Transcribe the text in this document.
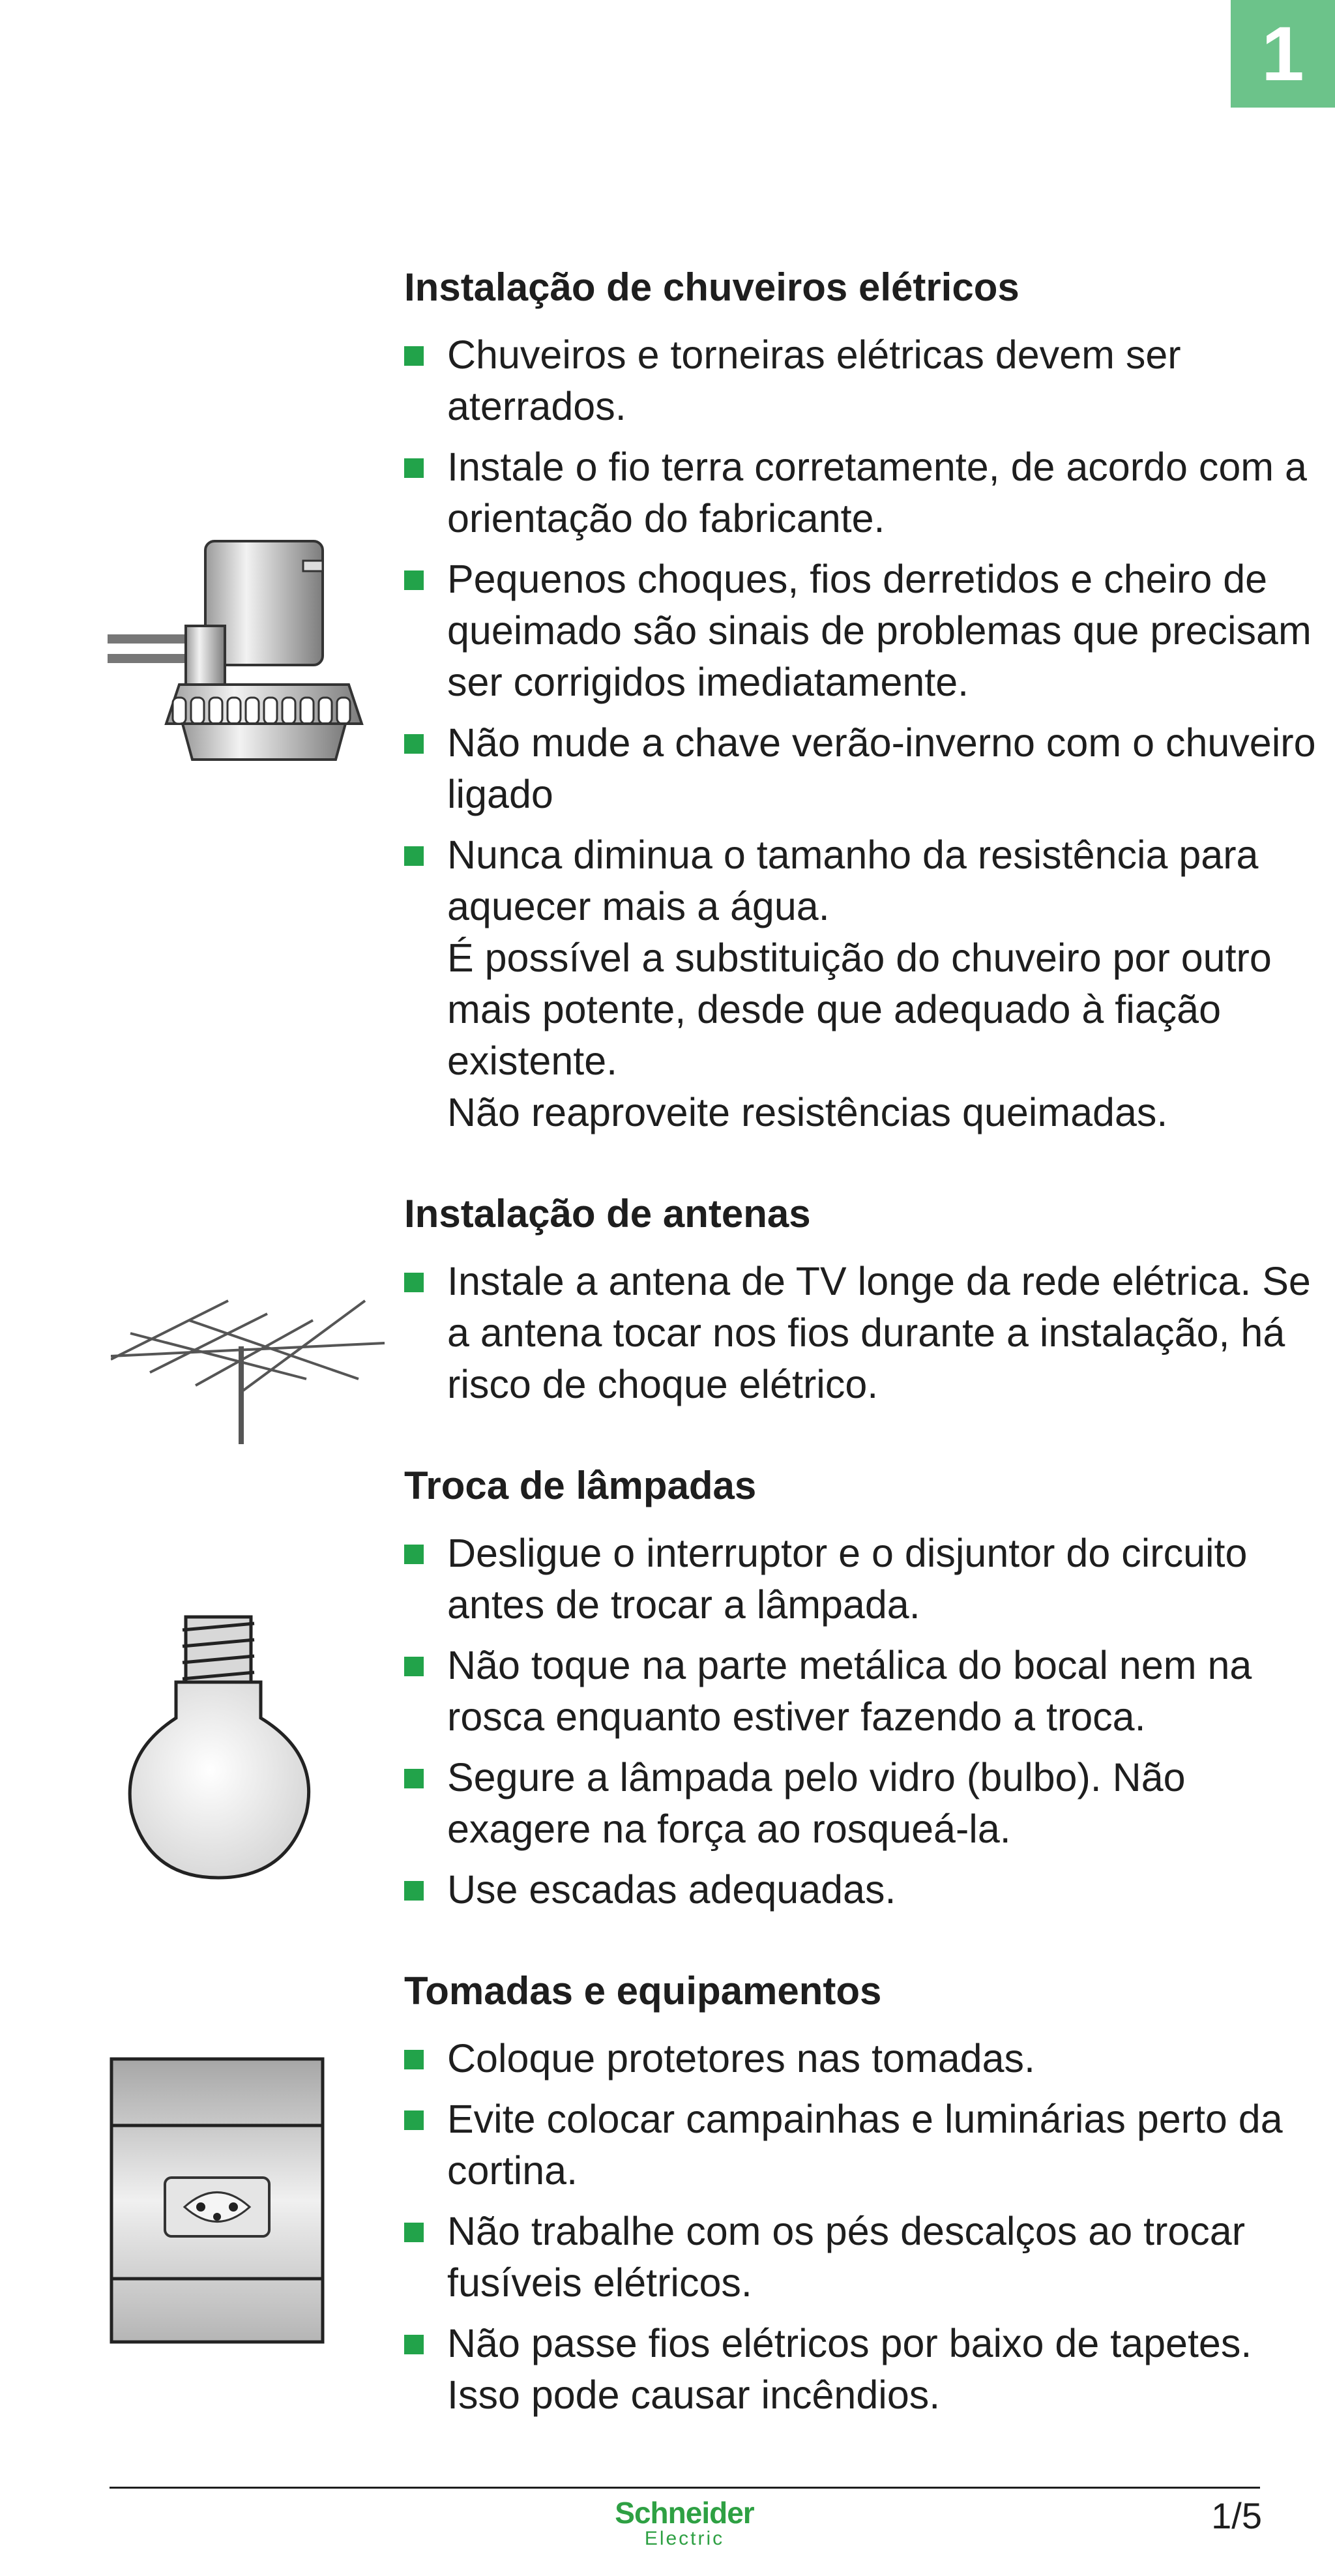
1
Instalação de chuveiros elétricos

Chuveiros e torneiras elétricas devem ser aterrados.

Instale o fio terra corretamente, de acordo com a orientação do fabricante.

Pequenos choques, fios derretidos e cheiro de queimado são sinais de problemas que precisam ser corrigidos imediatamente.

Não mude a chave verão-inverno com o chuveiro ligado

Nunca diminua o tamanho da resistência para aquecer mais a água.

É possível a substituição do chuveiro por outro mais potente, desde que adequado à fiação existente.

Não reaproveite resistências queimadas.

Instalação de antenas

Instale a antena de TV longe da rede elétrica. Se a antena tocar nos fios durante a instalação, há risco de choque elétrico.

Troca de lâmpadas

Desligue o interruptor e o disjuntor do circuito antes de trocar a lâmpada.

Não toque na parte metálica do bocal nem na rosca enquanto estiver fazendo a troca.

Segure a lâmpada pelo vidro (bulbo). Não exagere na força ao rosqueá-la.

Use escadas adequadas.

Tomadas e equipamentos

Coloque protetores nas tomadas.

Evite colocar campainhas e luminárias perto da cortina.

Não trabalhe com os pés descalços ao trocar fusíveis elétricos.

Não passe fios elétricos por baixo de tapetes. Isso pode causar incêndios.

Schneider
Electric
1/5
